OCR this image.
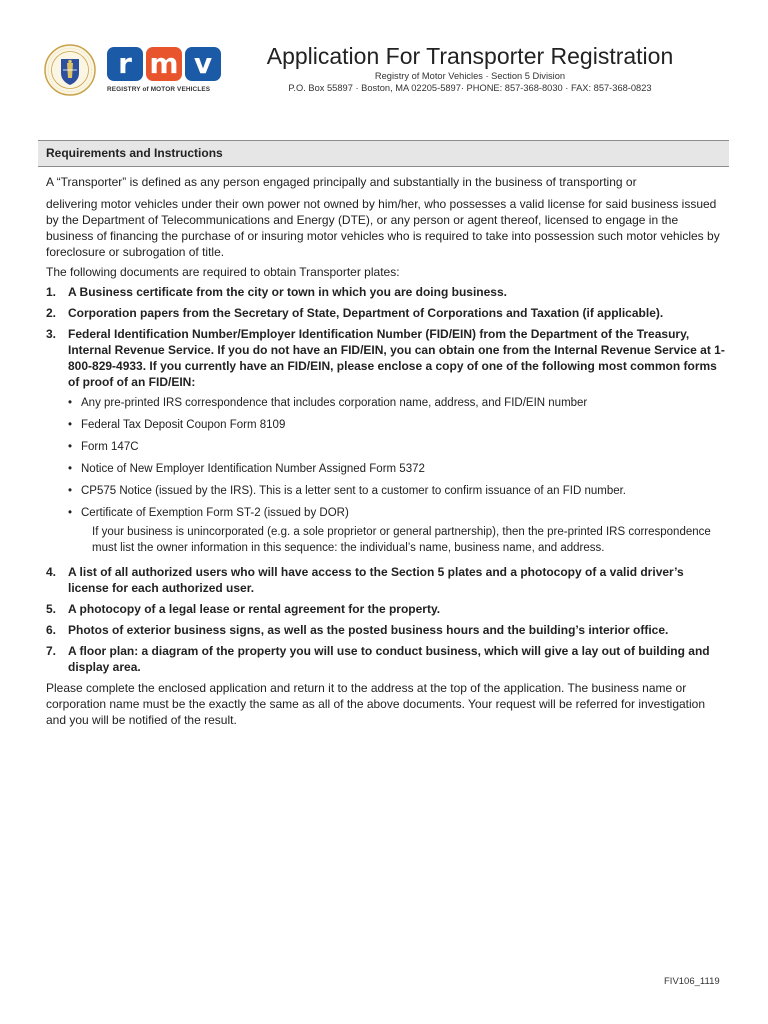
r m v
REGISTRY of MOTOR VEHICLES
Application For Transporter Registration
Registry of Motor Vehicles · Section 5 Division
P.O. Box 55897 · Boston, MA 02205-5897· PHONE: 857-368-8030 · FAX: 857-368-0823
Requirements and Instructions

A “Transporter” is defined as any person engaged principally and substantially in the business of transporting or

delivering motor vehicles under their own power not owned by him/her, who possesses a valid license for said business issued by the Department of Telecommunications and Energy (DTE), or any person or agent thereof, licensed to engage in the business of financing the purchase of or insuring motor vehicles who is required to take into possession such motor vehicles by foreclosure or subrogation of title.

The following documents are required to obtain Transporter plates:

1. A Business certificate from the city or town in which you are doing business.
2. Corporation papers from the Secretary of State, Department of Corporations and Taxation (if applicable).
3. Federal Identification Number/Employer Identification Number (FID/EIN) from the Department of the Treasury, Internal Revenue Service. If you do not have an FID/EIN, you can obtain one from the Internal Revenue Service at 1-800-829-4933. If you currently have an FID/EIN, please enclose a copy of one of the following most common forms of proof of an FID/EIN:
• Any pre-printed IRS correspondence that includes corporation name, address, and FID/EIN number
• Federal Tax Deposit Coupon Form 8109
• Form 147C
• Notice of New Employer Identification Number Assigned Form 5372
• CP575 Notice (issued by the IRS). This is a letter sent to a customer to confirm issuance of an FID number.
• Certificate of Exemption Form ST-2 (issued by DOR)
If your business is unincorporated (e.g. a sole proprietor or general partnership), then the pre-printed IRS correspondence must list the owner information in this sequence: the individual’s name, business name, and address.
4. A list of all authorized users who will have access to the Section 5 plates and a photocopy of a valid driver’s license for each authorized user.
5. A photocopy of a legal lease or rental agreement for the property.
6. Photos of exterior business signs, as well as the posted business hours and the building’s interior office.
7. A floor plan: a diagram of the property you will use to conduct business, which will give a lay out of building and display area.

Please complete the enclosed application and return it to the address at the top of the application. The business name or corporation name must be the exactly the same as all of the above documents. Your request will be referred for investigation and you will be notified of the result.

FIV106_1119
